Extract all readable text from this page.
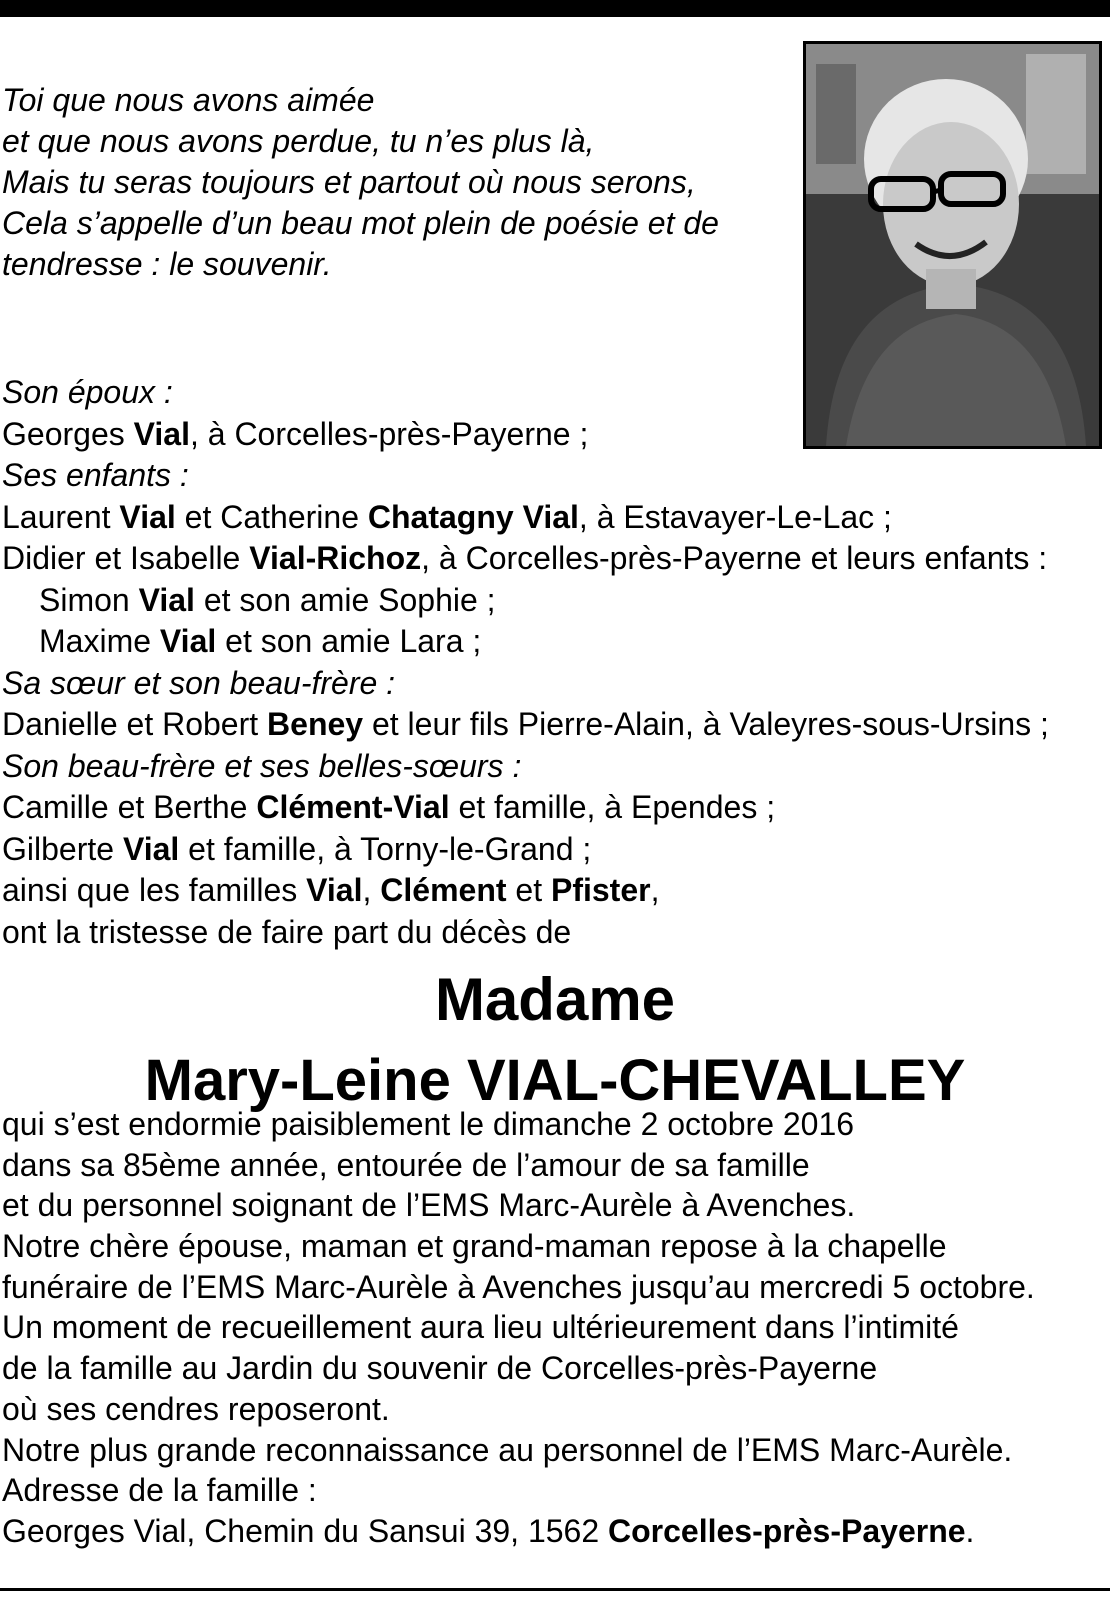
Toi que nous avons aimée
et que nous avons perdue, tu n’es plus là,
Mais tu seras toujours et partout où nous serons,
Cela s’appelle d’un beau mot plein de poésie et de
tendresse : le souvenir.
Son époux :
Georges Vial, à Corcelles-près-Payerne ;
Ses enfants :
Laurent Vial et Catherine Chatagny Vial, à Estavayer-Le-Lac ;
Didier et Isabelle Vial-Richoz, à Corcelles-près-Payerne et leurs enfants :
Simon Vial et son amie Sophie ;
Maxime Vial et son amie Lara ;
Sa sœur et son beau-frère :
Danielle et Robert Beney et leur fils Pierre-Alain, à Valeyres-sous-Ursins ;
Son beau-frère et ses belles-sœurs :
Camille et Berthe Clément-Vial et famille, à Ependes ;
Gilberte Vial et famille, à Torny-le-Grand ;
ainsi que les familles Vial, Clément et Pfister,
ont la tristesse de faire part du décès de
Madame
Mary-Leine VIAL-CHEVALLEY
qui s’est endormie paisiblement le dimanche 2 octobre 2016
dans sa 85ème année, entourée de l’amour de sa famille
et du personnel soignant de l’EMS Marc-Aurèle à Avenches.
Notre chère épouse, maman et grand-maman repose à la chapelle
funéraire de l’EMS Marc-Aurèle à Avenches jusqu’au mercredi 5 octobre.
Un moment de recueillement aura lieu ultérieurement dans l’intimité
de la famille au Jardin du souvenir de Corcelles-près-Payerne
où ses cendres reposeront.
Notre plus grande reconnaissance au personnel de l’EMS Marc-Aurèle.
Adresse de la famille :
Georges Vial, Chemin du Sansui 39, 1562 Corcelles-près-Payerne.
